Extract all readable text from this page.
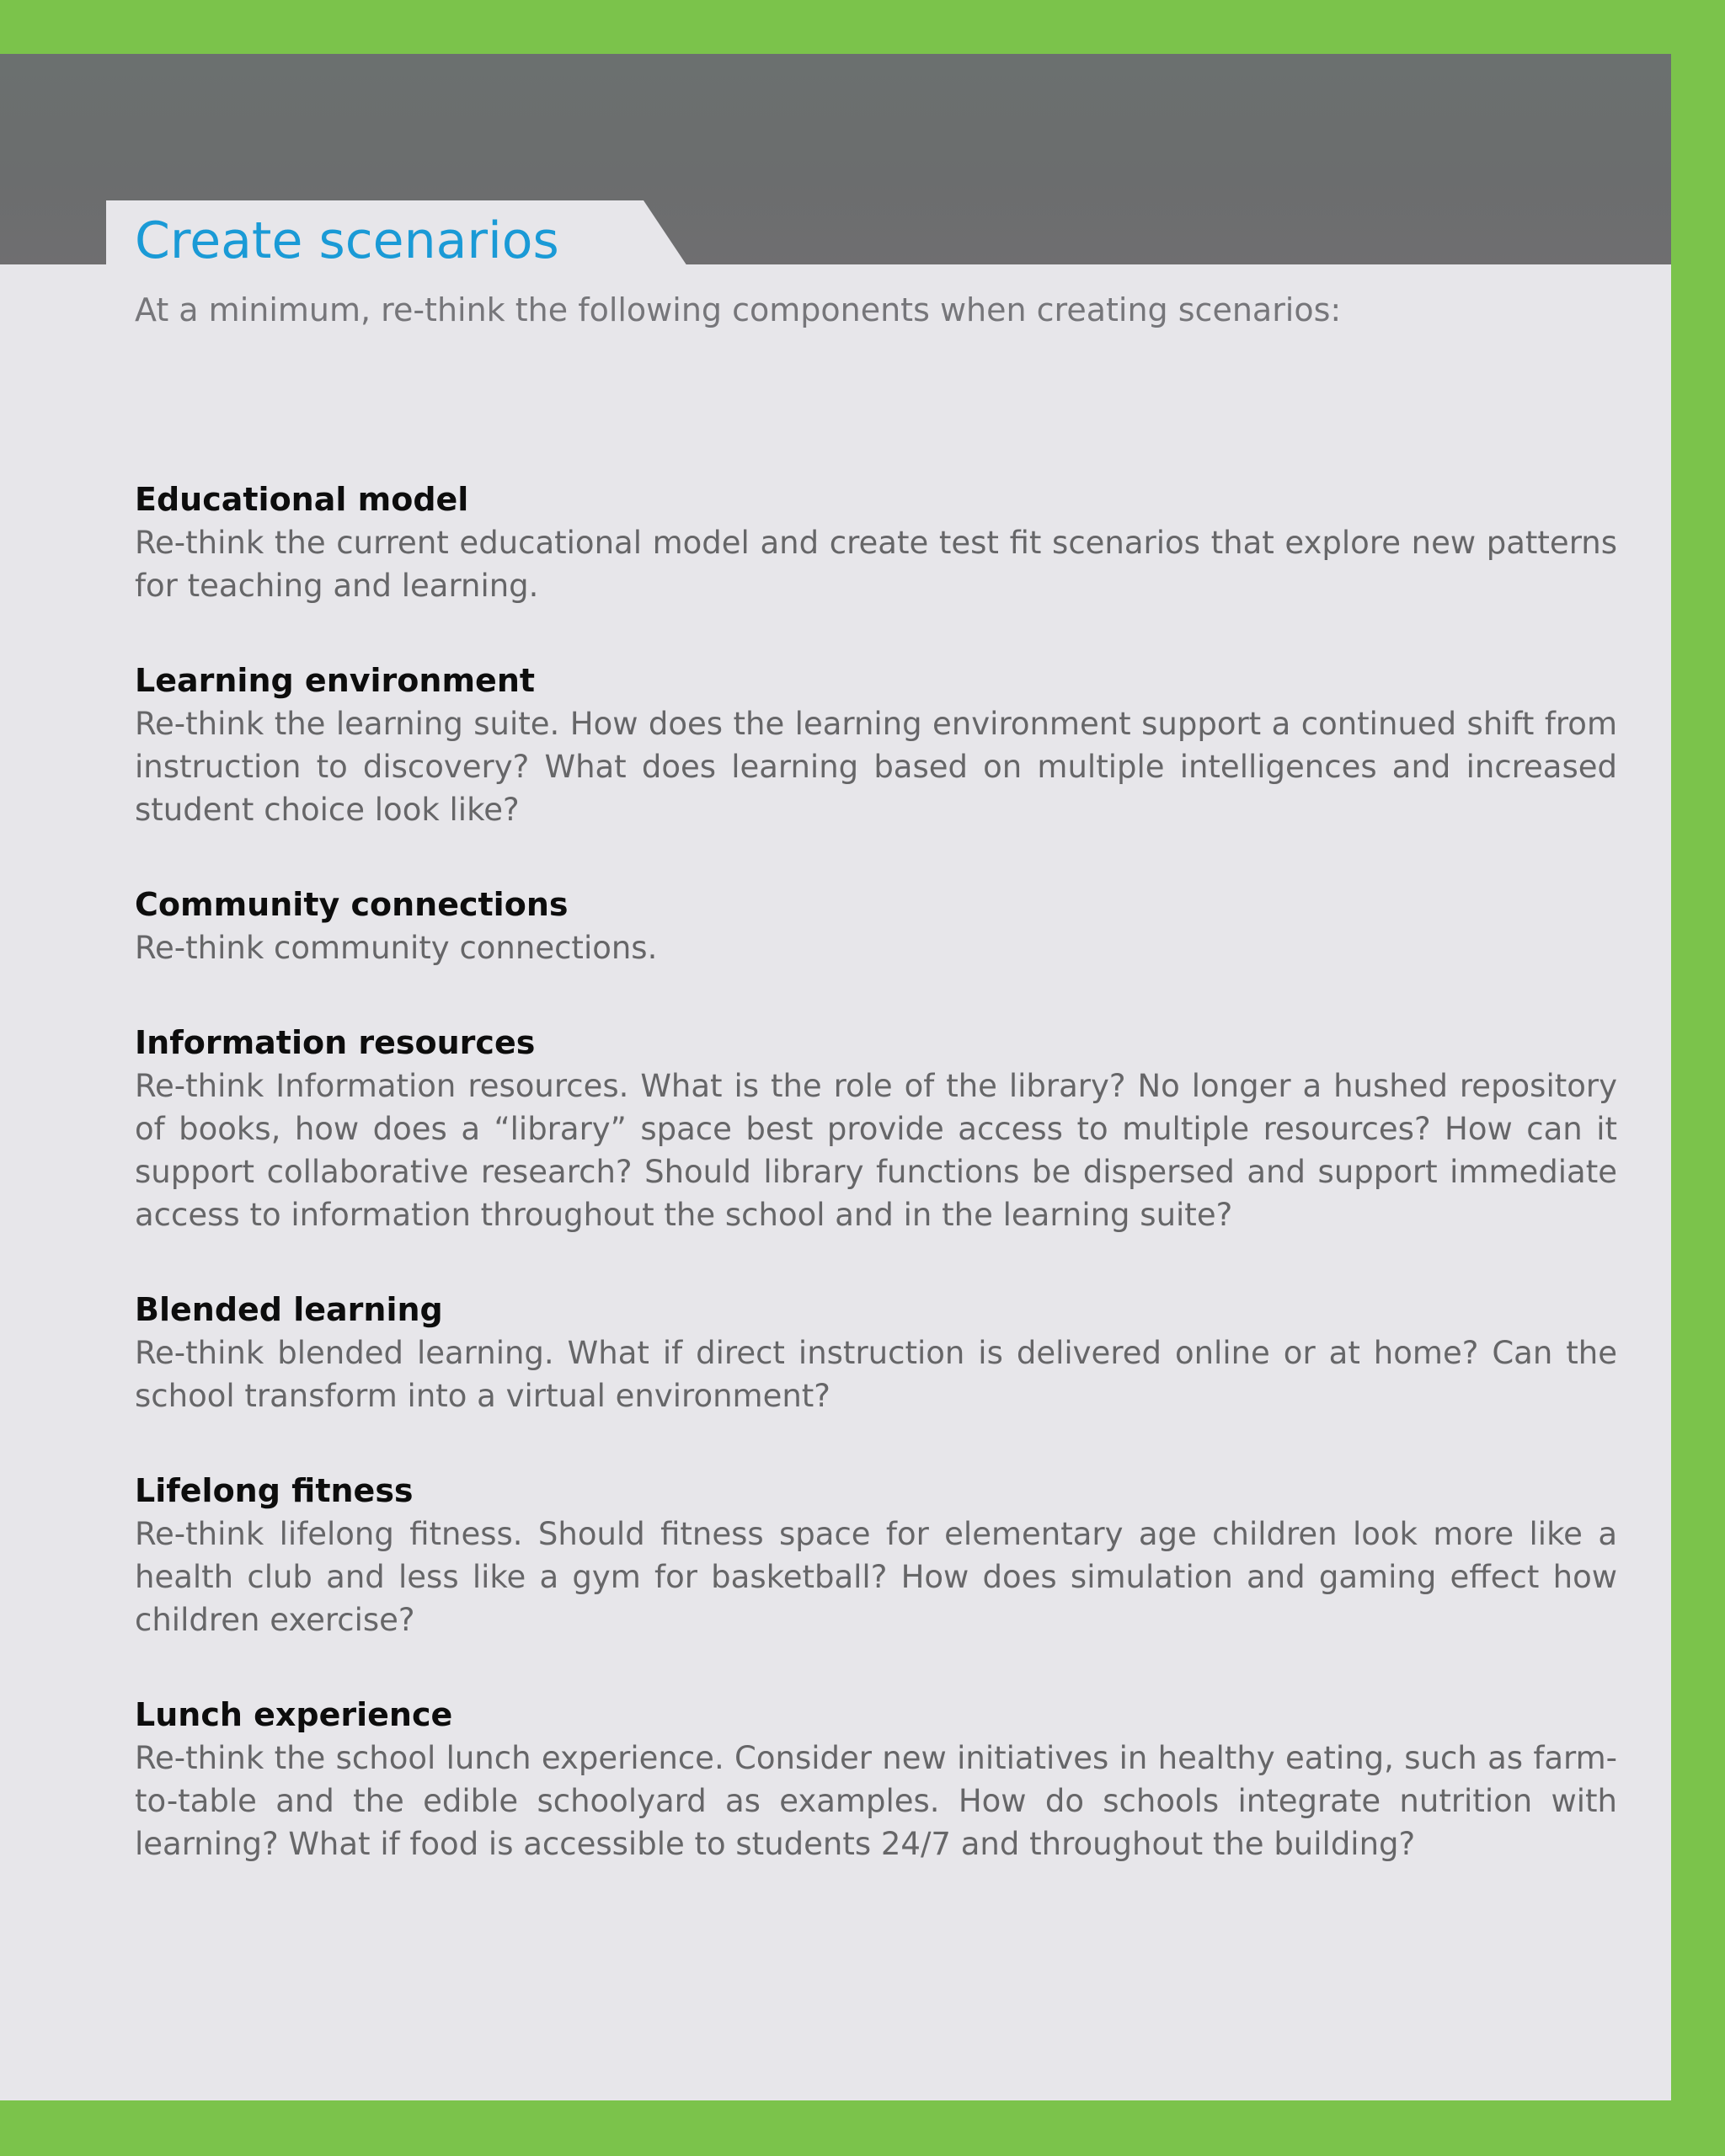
Create scenarios

At a minimum, re-think the following components when creating scenarios:

Educational model

Re-think the current educational model and create test fit scenarios that explore new patterns for teaching and learning.

Learning environment

Re-think the learning suite. How does the learning environment support a continued shift from instruction to discovery? What does learning based on multiple intelligences and increased student choice look like?

Community connections

Re-think community connections.

Information resources

Re-think Information resources. What is the role of the library? No longer a hushed repository of books, how does a “library” space best provide access to multiple resources? How can it support collaborative research? Should library functions be dispersed and support immediate access to information throughout the school and in the learning suite?

Blended learning

Re-think blended learning. What if direct instruction is delivered online or at home? Can the school transform into a virtual environment?

Lifelong fitness

Re-think lifelong fitness. Should fitness space for elementary age children look more like a health club and less like a gym for basketball? How does simulation and gaming effect how children exercise?

Lunch experience

Re-think the school lunch experience. Consider new initiatives in healthy eating, such as farm-to-table and the edible schoolyard as examples. How do schools integrate nutrition with learning? What if food is accessible to students 24/7 and throughout the building?
